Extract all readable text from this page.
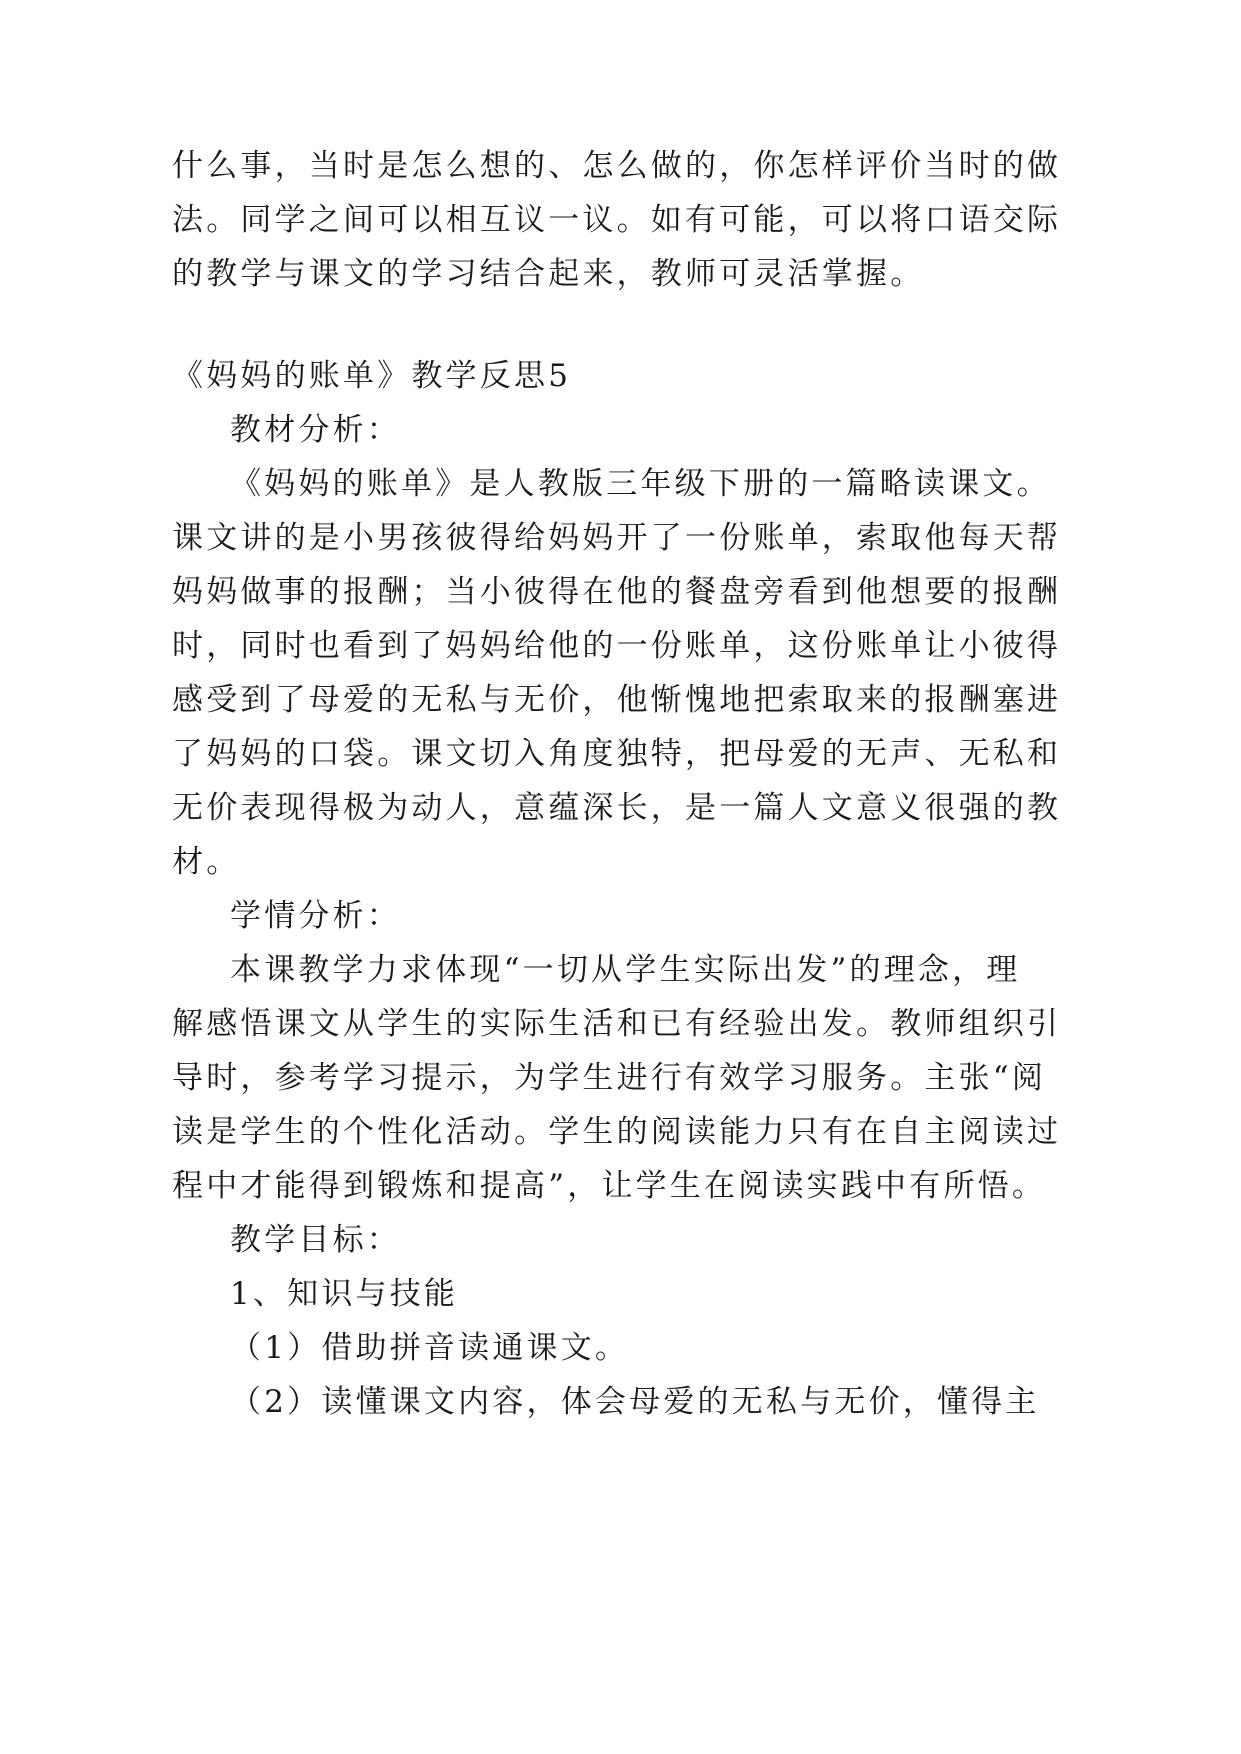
什么事，当时是怎么想的、怎么做的，你怎样评价当时的做
法。同学之间可以相互议一议。如有可能，可以将口语交际
的教学与课文的学习结合起来，教师可灵活掌握。
《妈妈的账单》教学反思5
教材分析：
《妈妈的账单》是人教版三年级下册的一篇略读课文。
课文讲的是小男孩彼得给妈妈开了一份账单，索取他每天帮
妈妈做事的报酬；当小彼得在他的餐盘旁看到他想要的报酬
时，同时也看到了妈妈给他的一份账单，这份账单让小彼得
感受到了母爱的无私与无价，他惭愧地把索取来的报酬塞进
了妈妈的口袋。课文切入角度独特，把母爱的无声、无私和
无价表现得极为动人，意蕴深长，是一篇人文意义很强的教
材。
学情分析：
本课教学力求体现“一切从学生实际出发”的理念，理
解感悟课文从学生的实际生活和已有经验出发。教师组织引
导时，参考学习提示，为学生进行有效学习服务。主张“阅
读是学生的个性化活动。学生的阅读能力只有在自主阅读过
程中才能得到锻炼和提高”，让学生在阅读实践中有所悟。
教学目标：
1、知识与技能
（1）借助拼音读通课文。
（2）读懂课文内容，体会母爱的无私与无价，懂得主
